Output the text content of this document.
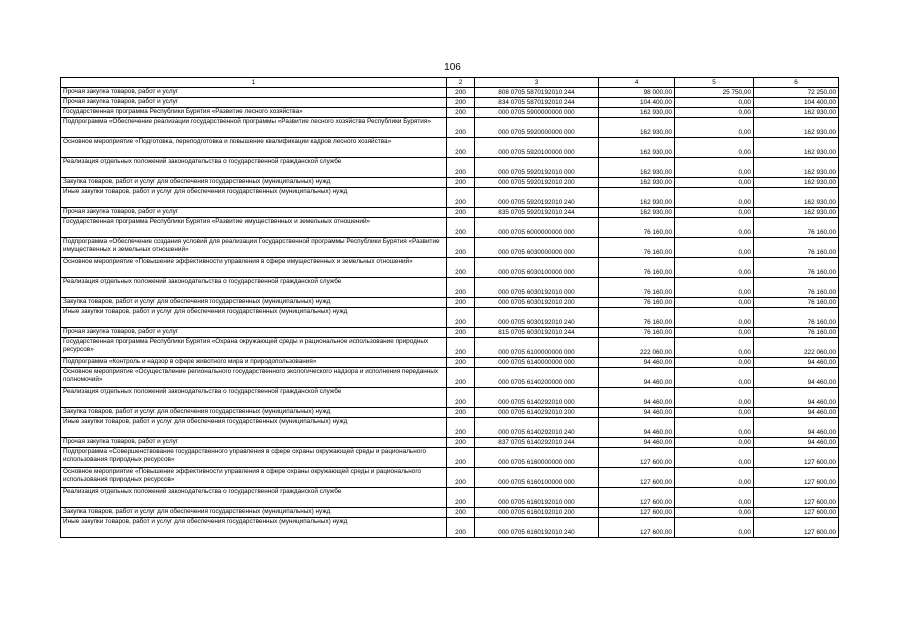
106
1	2	3	4	5	6
Прочая закупка товаров, работ и услуг	200	808 0705 5870192010 244	98 000,00	25 750,00	72 250,00
Прочая закупка товаров, работ и услуг	200	834 0705 5870192010 244	104 400,00	0,00	104 400,00
Государственная программа Республики Бурятия «Развитие лесного хозяйства»	200	000 0705 5900000000 000	162 930,00	0,00	162 930,00
Подпрограмма «Обеспечение реализации государственной программы «Развитие лесного хозяйства Республики Бурятия»	200	000 0705 5920000000 000	162 930,00	0,00	162 930,00
Основное мероприятие «Подготовка, переподготовка и повышение квалификации кадров лесного хозяйства»	200	000 0705 5920100000 000	162 930,00	0,00	162 930,00
Реализация отдельных положений законодательства о государственной гражданской службе	200	000 0705 5920192010 000	162 930,00	0,00	162 930,00
Закупка товаров, работ и услуг для обеспечения государственных (муниципальных) нужд	200	000 0705 5920192010 200	162 930,00	0,00	162 930,00
Иные закупки товаров, работ и услуг для обеспечения государственных (муниципальных) нужд	200	000 0705 5920192010 240	162 930,00	0,00	162 930,00
Прочая закупка товаров, работ и услуг	200	835 0705 5920192010 244	162 930,00	0,00	162 930,00
Государственная программа Республики Бурятия «Развитие имущественных и земельных отношений»	200	000 0705 6000000000 000	76 160,00	0,00	76 160,00
Подпрограмма «Обеспечение создания условий для реализации Государственной программы Республики Бурятия «Развитие имущественных и земельных отношений»	200	000 0705 6030000000 000	76 160,00	0,00	76 160,00
Основное мероприятие «Повышение эффективности управления в сфере имущественных и земельных отношений»	200	000 0705 6030100000 000	76 160,00	0,00	76 160,00
Реализация отдельных положений законодательства о государственной гражданской службе	200	000 0705 6030192010 000	76 160,00	0,00	76 160,00
Закупка товаров, работ и услуг для обеспечения государственных (муниципальных) нужд	200	000 0705 6030192010 200	76 160,00	0,00	76 160,00
Иные закупки товаров, работ и услуг для обеспечения государственных (муниципальных) нужд	200	000 0705 6030192010 240	76 160,00	0,00	76 160,00
Прочая закупка товаров, работ и услуг	200	815 0705 6030192010 244	76 160,00	0,00	76 160,00
Государственная программа Республики Бурятия «Охрана окружающей среды и рациональное использование природных ресурсов»	200	000 0705 6100000000 000	222 060,00	0,00	222 060,00
Подпрограмма «Контроль и надзор в сфере животного мира и природопользования»	200	000 0705 6140000000 000	94 460,00	0,00	94 460,00
Основное мероприятие «Осуществление регионального государственного экологического надзора и исполнения переданных полномочий»	200	000 0705 6140200000 000	94 460,00	0,00	94 460,00
Реализация отдельных положений законодательства о государственной гражданской службе	200	000 0705 6140292010 000	94 460,00	0,00	94 460,00
Закупка товаров, работ и услуг для обеспечения государственных (муниципальных) нужд	200	000 0705 6140292010 200	94 460,00	0,00	94 460,00
Иные закупки товаров, работ и услуг для обеспечения государственных (муниципальных) нужд	200	000 0705 6140292010 240	94 460,00	0,00	94 460,00
Прочая закупка товаров, работ и услуг	200	837 0705 6140292010 244	94 460,00	0,00	94 460,00
Подпрограмма «Совершенствование государственного управления в сфере охраны окружающей среды и рационального использования природных ресурсов»	200	000 0705 6160000000 000	127 600,00	0,00	127 600,00
Основное мероприятие «Повышение эффективности управления в сфере охраны окружающей среды и рационального использования природных ресурсов»	200	000 0705 6160100000 000	127 600,00	0,00	127 600,00
Реализация отдельных положений законодательства о государственной гражданской службе	200	000 0705 6160192010 000	127 600,00	0,00	127 600,00
Закупка товаров, работ и услуг для обеспечения государственных (муниципальных) нужд	200	000 0705 6160192010 200	127 600,00	0,00	127 600,00
Иные закупки товаров, работ и услуг для обеспечения государственных (муниципальных) нужд	200	000 0705 6160192010 240	127 600,00	0,00	127 600,00
